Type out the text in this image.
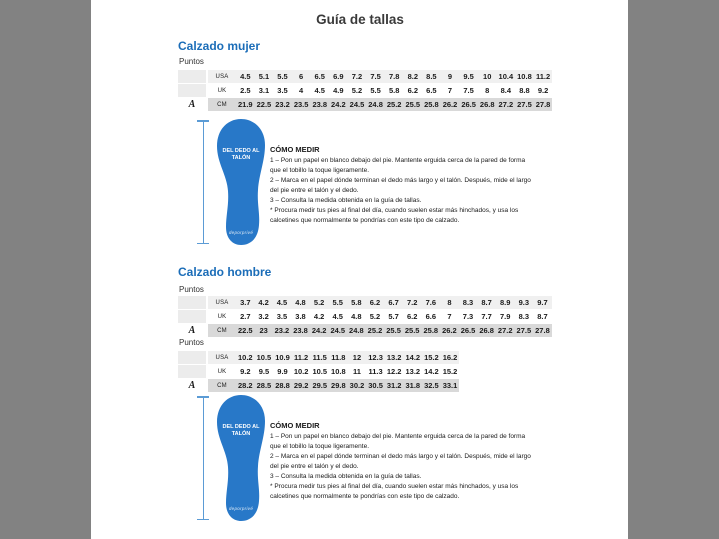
Guía de tallas
Calzado mujer
Puntos
	USA	4.5	5.1	5.5	6	6.5	6.9	7.2	7.5	7.8	8.2	8.5	9	9.5	10	10.4	10.8	11.2
	UK	2.5	3.1	3.5	4	4.5	4.9	5.2	5.5	5.8	6.2	6.5	7	7.5	8	8.4	8.8	9.2
A	CM	21.9	22.5	23.2	23.5	23.8	24.2	24.5	24.8	25.2	25.5	25.8	26.2	26.5	26.8	27.2	27.5	27.8
DEL DEDO AL TALÓN
deporprivé
CÓMO MEDIR

1 – Pon un papel en blanco debajo del pie. Mantente erguida cerca de la pared de forma que el tobillo la toque ligeramente.

2 – Marca en el papel dónde terminan el dedo más largo y el talón. Después, mide el largo del pie entre el talón y el dedo.

3 – Consulta la medida obtenida en la guía de tallas.

* Procura medir tus pies al final del día, cuando suelen estar más hinchados, y usa los calcetines que normalmente te pondrías con este tipo de calzado.

Calzado hombre
Puntos
	USA	3.7	4.2	4.5	4.8	5.2	5.5	5.8	6.2	6.7	7.2	7.6	8	8.3	8.7	8.9	9.3	9.7
	UK	2.7	3.2	3.5	3.8	4.2	4.5	4.8	5.2	5.7	6.2	6.6	7	7.3	7.7	7.9	8.3	8.7
A	CM	22.5	23	23.2	23.8	24.2	24.5	24.8	25.2	25.5	25.5	25.8	26.2	26.5	26.8	27.2	27.5	27.8
Puntos
	USA	10.2	10.5	10.9	11.2	11.5	11.8	12	12.3	13.2	14.2	15.2	16.2
	UK	9.2	9.5	9.9	10.2	10.5	10.8	11	11.3	12.2	13.2	14.2	15.2
A	CM	28.2	28.5	28.8	29.2	29.5	29.8	30.2	30.5	31.2	31.8	32.5	33.1
DEL DEDO AL TALÓN
deporprivé
CÓMO MEDIR

1 – Pon un papel en blanco debajo del pie. Mantente erguida cerca de la pared de forma que el tobillo la toque ligeramente.

2 – Marca en el papel dónde terminan el dedo más largo y el talón. Después, mide el largo del pie entre el talón y el dedo.

3 – Consulta la medida obtenida en la guía de tallas.

* Procura medir tus pies al final del día, cuando suelen estar más hinchados, y usa los calcetines que normalmente te pondrías con este tipo de calzado.
